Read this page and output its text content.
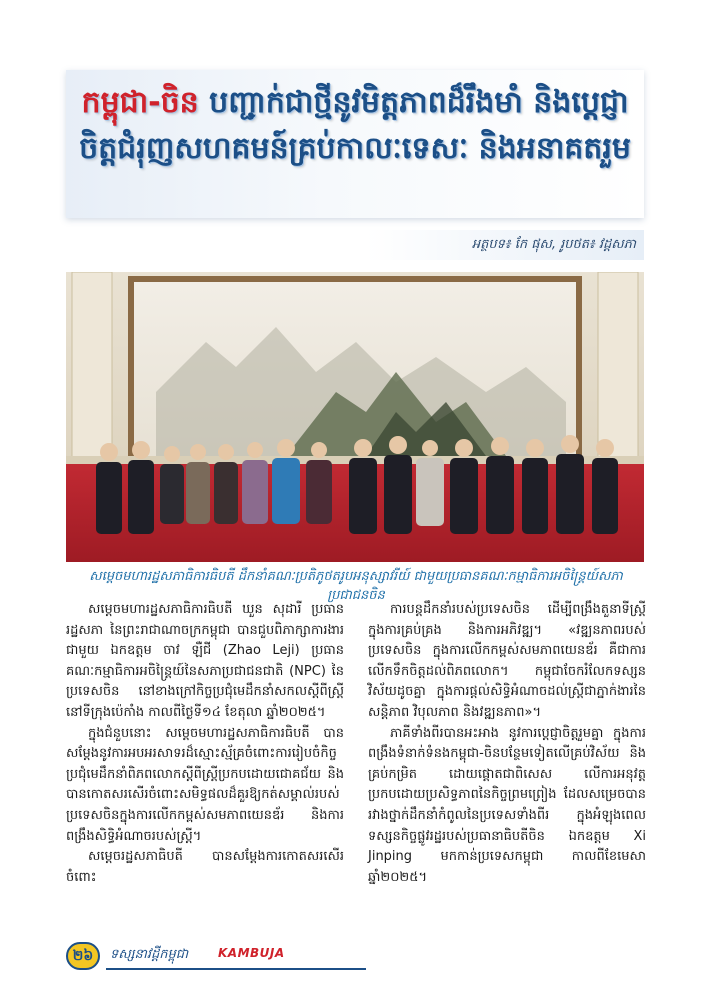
កម្ពុជា-ចិន បញ្ជាក់ជាថ្មីនូវមិត្តភាពដ៏រឹងមាំ និងប្ដេជ្ញាចិត្តជំរុញសហគមន៍គ្រប់កាលៈទេសៈ និងអនាគតរួម
អត្ថបទ៖ កែ ផុស, រូបថត៖ វដ្តសភា
សម្ដេចមហារដ្ឋសភាធិការធិបតី ដឹកនាំគណៈប្រតិភូថតរូបអនុស្សាវរីយ៍ ជាមួយប្រធានគណៈកម្មាធិការអចិន្ត្រៃយ៍សភាប្រជាជនចិន

សម្ដេចមហារដ្ឋសភាធិការធិបតី ឃួន សុដារី ប្រធានរដ្ឋសភា នៃព្រះរាជាណាចក្រកម្ពុជា បានជួបពិភាក្សាការងារជាមួយ ឯកឧត្តម ចាវ ឡឺជី (Zhao Leji) ប្រធានគណៈកម្មាធិការអចិន្ត្រៃយ៍នៃសភាប្រជាជនជាតិ (NPC) នៃប្រទេសចិន នៅខាងក្រៅកិច្ចប្រជុំមេដឹកនាំសកលស្ដីពីស្ត្រីនៅទីក្រុងប៉េកាំង កាលពីថ្ងៃទី១៤ ខែតុលា ឆ្នាំ២០២៥។

ក្នុងជំនួបនោះ សម្ដេចមហារដ្ឋសភាធិការធិបតី បានសម្ដែងនូវការអបអរសាទរដ៏ស្មោះស្ម័គ្រចំពោះការរៀបចំកិច្ចប្រជុំមេដឹកនាំពិភពលោកស្ដីពីស្ត្រីប្រកបដោយជោគជ័យ និងបានកោតសរសើរចំពោះសមិទ្ធផលដ៏គួរឱ្យកត់សម្គាល់របស់ប្រទេសចិនក្នុងការលើកកម្ពស់សមភាពយេនឌ័រ និងការពង្រឹងសិទ្ធិអំណាចរបស់ស្ត្រី។

សម្ដេចរដ្ឋសភាធិបតី បានសម្ដែងការកោតសរសើរ ចំពោះ

ការបន្តដឹកនាំរបស់ប្រទេសចិន ដើម្បីពង្រឹងតួនាទីស្ត្រីក្នុងការគ្រប់គ្រង និងការអភិវឌ្ឍ។ «វឌ្ឍនភាពរបស់ប្រទេសចិន ក្នុងការលើកកម្ពស់សមភាពយេនឌ័រ គឺជាការលើកទឹកចិត្តដល់ពិភពលោក។ កម្ពុជាចែករំលែកទស្សនវិស័យដូចគ្នា ក្នុងការផ្ដល់សិទ្ធិអំណាចដល់ស្ត្រីជាភ្នាក់ងារនៃសន្តិភាព វិបុលភាព និងវឌ្ឍនភាព»។

ភាគីទាំងពីរបានអះអាង នូវការប្ដេជ្ញាចិត្តរួមគ្នា ក្នុងការពង្រឹងទំនាក់ទំនងកម្ពុជា-ចិនបន្ថែមទៀតលើគ្រប់វិស័យ និងគ្រប់កម្រិត ដោយផ្ដោតជាពិសេស លើការអនុវត្តប្រកបដោយប្រសិទ្ធភាពនៃកិច្ចព្រមព្រៀង ដែលសម្រេចបានរវាងថ្នាក់ដឹកនាំកំពូលនៃប្រទេសទាំងពីរ ក្នុងអំឡុងពេលទស្សនកិច្ចផ្លូវរដ្ឋរបស់ប្រធានាធិបតីចិន ឯកឧត្តម Xi Jinping មកកាន់ប្រទេសកម្ពុជា កាលពីខែមេសា ឆ្នាំ២០២៥។

២៦	ទស្សនាវដ្ដីកម្ពុជា KAMBUJA
